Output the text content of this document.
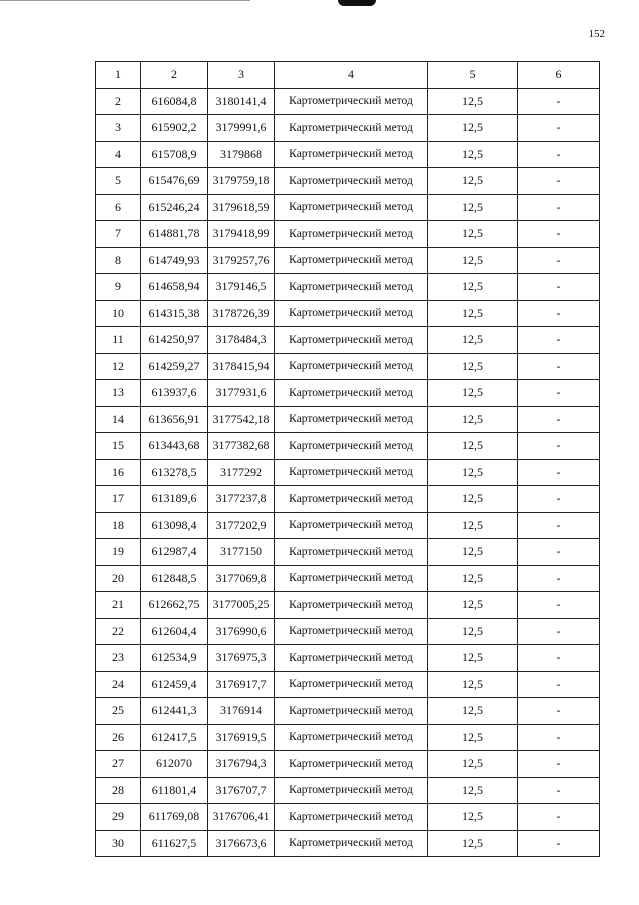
152
1	2	3	4	5	6
2	616084,8	3180141,4	Картометрический метод	12,5	-
3	615902,2	3179991,6	Картометрический метод	12,5	-
4	615708,9	3179868	Картометрический метод	12,5	-
5	615476,69	3179759,18	Картометрический метод	12,5	-
6	615246,24	3179618,59	Картометрический метод	12,5	-
7	614881,78	3179418,99	Картометрический метод	12,5	-
8	614749,93	3179257,76	Картометрический метод	12,5	-
9	614658,94	3179146,5	Картометрический метод	12,5	-
10	614315,38	3178726,39	Картометрический метод	12,5	-
11	614250,97	3178484,3	Картометрический метод	12,5	-
12	614259,27	3178415,94	Картометрический метод	12,5	-
13	613937,6	3177931,6	Картометрический метод	12,5	-
14	613656,91	3177542,18	Картометрический метод	12,5	-
15	613443,68	3177382,68	Картометрический метод	12,5	-
16	613278,5	3177292	Картометрический метод	12,5	-
17	613189,6	3177237,8	Картометрический метод	12,5	-
18	613098,4	3177202,9	Картометрический метод	12,5	-
19	612987,4	3177150	Картометрический метод	12,5	-
20	612848,5	3177069,8	Картометрический метод	12,5	-
21	612662,75	3177005,25	Картометрический метод	12,5	-
22	612604,4	3176990,6	Картометрический метод	12,5	-
23	612534,9	3176975,3	Картометрический метод	12,5	-
24	612459,4	3176917,7	Картометрический метод	12,5	-
25	612441,3	3176914	Картометрический метод	12,5	-
26	612417,5	3176919,5	Картометрический метод	12,5	-
27	612070	3176794,3	Картометрический метод	12,5	-
28	611801,4	3176707,7	Картометрический метод	12,5	-
29	611769,08	3176706,41	Картометрический метод	12,5	-
30	611627,5	3176673,6	Картометрический метод	12,5	-
